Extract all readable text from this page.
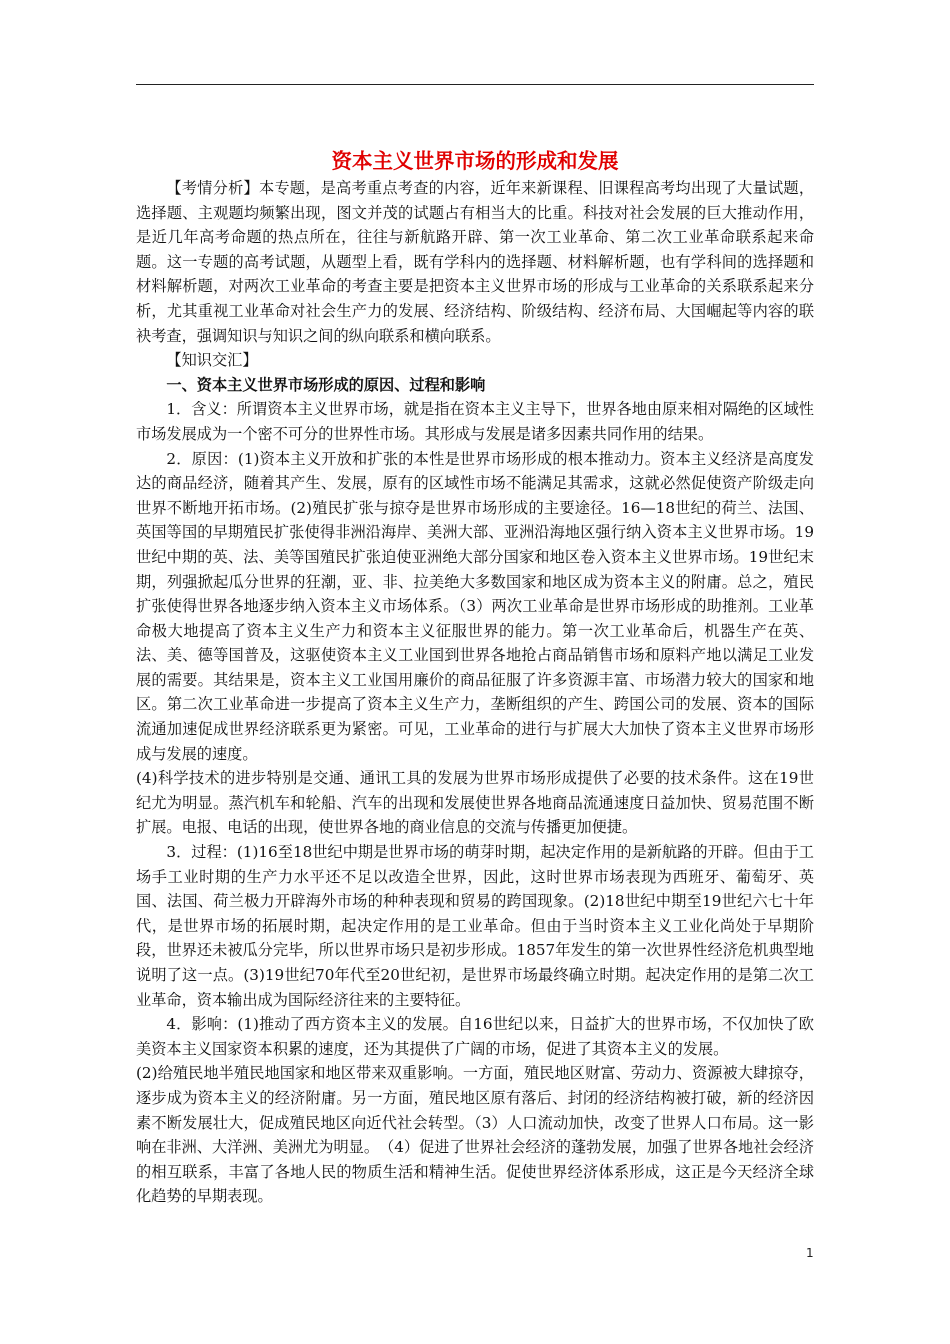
资本主义世界市场的形成和发展

【考情分析】本专题，是高考重点考查的内容，近年来新课程、旧课程高考均出现了大量试题，选择题、主观题均频繁出现，图文并茂的试题占有相当大的比重。科技对社会发展的巨大推动作用，是近几年高考命题的热点所在，往往与新航路开辟、第一次工业革命、第二次工业革命联系起来命题。这一专题的高考试题，从题型上看，既有学科内的选择题、材料解析题，也有学科间的选择题和材料解析题，对两次工业革命的考查主要是把资本主义世界市场的形成与工业革命的关系联系起来分析，尤其重视工业革命对社会生产力的发展、经济结构、阶级结构、经济布局、大国崛起等内容的联袂考查，强调知识与知识之间的纵向联系和横向联系。

【知识交汇】

一、资本主义世界市场形成的原因、过程和影响

1．含义：所谓资本主义世界市场，就是指在资本主义主导下，世界各地由原来相对隔绝的区域性市场发展成为一个密不可分的世界性市场。其形成与发展是诸多因素共同作用的结果。

2．原因：(1)资本主义开放和扩张的本性是世界市场形成的根本推动力。资本主义经济是高度发达的商品经济，随着其产生、发展，原有的区域性市场不能满足其需求，这就必然促使资产阶级走向世界不断地开拓市场。(2)殖民扩张与掠夺是世界市场形成的主要途径。16—18世纪的荷兰、法国、英国等国的早期殖民扩张使得非洲沿海岸、美洲大部、亚洲沿海地区强行纳入资本主义世界市场。19世纪中期的英、法、美等国殖民扩张迫使亚洲绝大部分国家和地区卷入资本主义世界市场。19世纪末期，列强掀起瓜分世界的狂潮，亚、非、拉美绝大多数国家和地区成为资本主义的附庸。总之，殖民扩张使得世界各地逐步纳入资本主义市场体系。（3）两次工业革命是世界市场形成的助推剂。工业革命极大地提高了资本主义生产力和资本主义征服世界的能力。第一次工业革命后，机器生产在英、法、美、德等国普及，这驱使资本主义工业国到世界各地抢占商品销售市场和原料产地以满足工业发展的需要。其结果是，资本主义工业国用廉价的商品征服了许多资源丰富、市场潜力较大的国家和地区。第二次工业革命进一步提高了资本主义生产力，垄断组织的产生、跨国公司的发展、资本的国际流通加速促成世界经济联系更为紧密。可见，工业革命的进行与扩展大大加快了资本主义世界市场形成与发展的速度。

(4)科学技术的进步特别是交通、通讯工具的发展为世界市场形成提供了必要的技术条件。这在19世纪尤为明显。蒸汽机车和轮船、汽车的出现和发展使世界各地商品流通速度日益加快、贸易范围不断扩展。电报、电话的出现，使世界各地的商业信息的交流与传播更加便捷。

3．过程：(1)16至18世纪中期是世界市场的萌芽时期，起决定作用的是新航路的开辟。但由于工场手工业时期的生产力水平还不足以改造全世界，因此，这时世界市场表现为西班牙、葡萄牙、英国、法国、荷兰极力开辟海外市场的种种表现和贸易的跨国现象。(2)18世纪中期至19世纪六七十年代，是世界市场的拓展时期，起决定作用的是工业革命。但由于当时资本主义工业化尚处于早期阶段，世界还未被瓜分完毕，所以世界市场只是初步形成。1857年发生的第一次世界性经济危机典型地说明了这一点。(3)19世纪70年代至20世纪初，是世界市场最终确立时期。起决定作用的是第二次工业革命，资本输出成为国际经济往来的主要特征。

4．影响：(1)推动了西方资本主义的发展。自16世纪以来，日益扩大的世界市场，不仅加快了欧美资本主义国家资本积累的速度，还为其提供了广阔的市场，促进了其资本主义的发展。

(2)给殖民地半殖民地国家和地区带来双重影响。一方面，殖民地区财富、劳动力、资源被大肆掠夺，逐步成为资本主义的经济附庸。另一方面，殖民地区原有落后、封闭的经济结构被打破，新的经济因素不断发展壮大，促成殖民地区向近代社会转型。（3）人口流动加快，改变了世界人口布局。这一影响在非洲、大洋洲、美洲尤为明显。　（4）促进了世界社会经济的蓬勃发展，加强了世界各地社会经济的相互联系，丰富了各地人民的物质生活和精神生活。促使世界经济体系形成，这正是今天经济全球化趋势的早期表现。

1
